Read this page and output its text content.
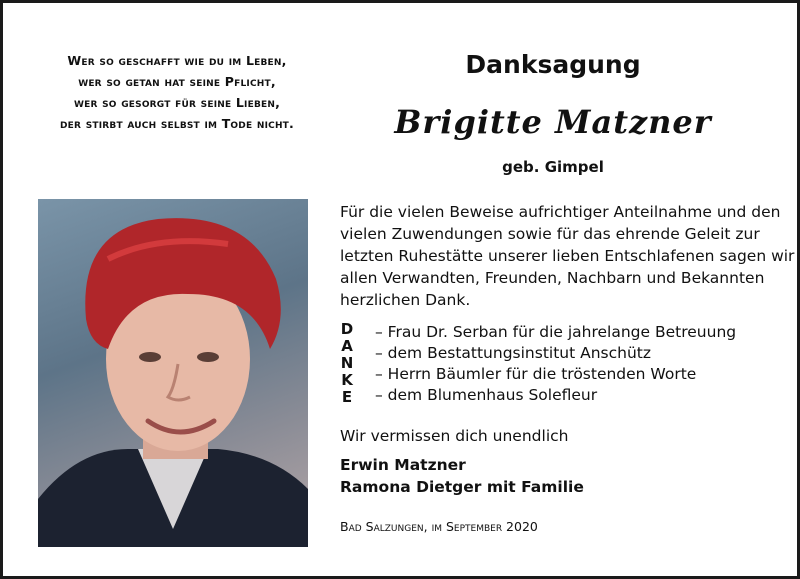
Wer so geschafft wie du im Leben,
wer so getan hat seine Pflicht,
wer so gesorgt für seine Lieben,
der stirbt auch selbst im Tode nicht.
Danksagung
Brigitte Matzner
geb. Gimpel
Für die vielen Beweise aufrichtiger Anteilnahme und den
vielen Zuwendungen sowie für das ehrende Geleit zur
letzten Ruhestätte unserer lieben Entschlafenen sagen wir
allen Verwandten, Freunden, Nachbarn und Bekannten
herzlichen Dank.
D
A
N
K
E
– Frau Dr. Serban für die jahrelange Betreuung
– dem Bestattungsinstitut Anschütz
– Herrn Bäumler für die tröstenden Worte
– dem Blumenhaus Solefleur
Wir vermissen dich unendlich
Erwin Matzner
Ramona Dietger mit Familie
Bad Salzungen, im September 2020
